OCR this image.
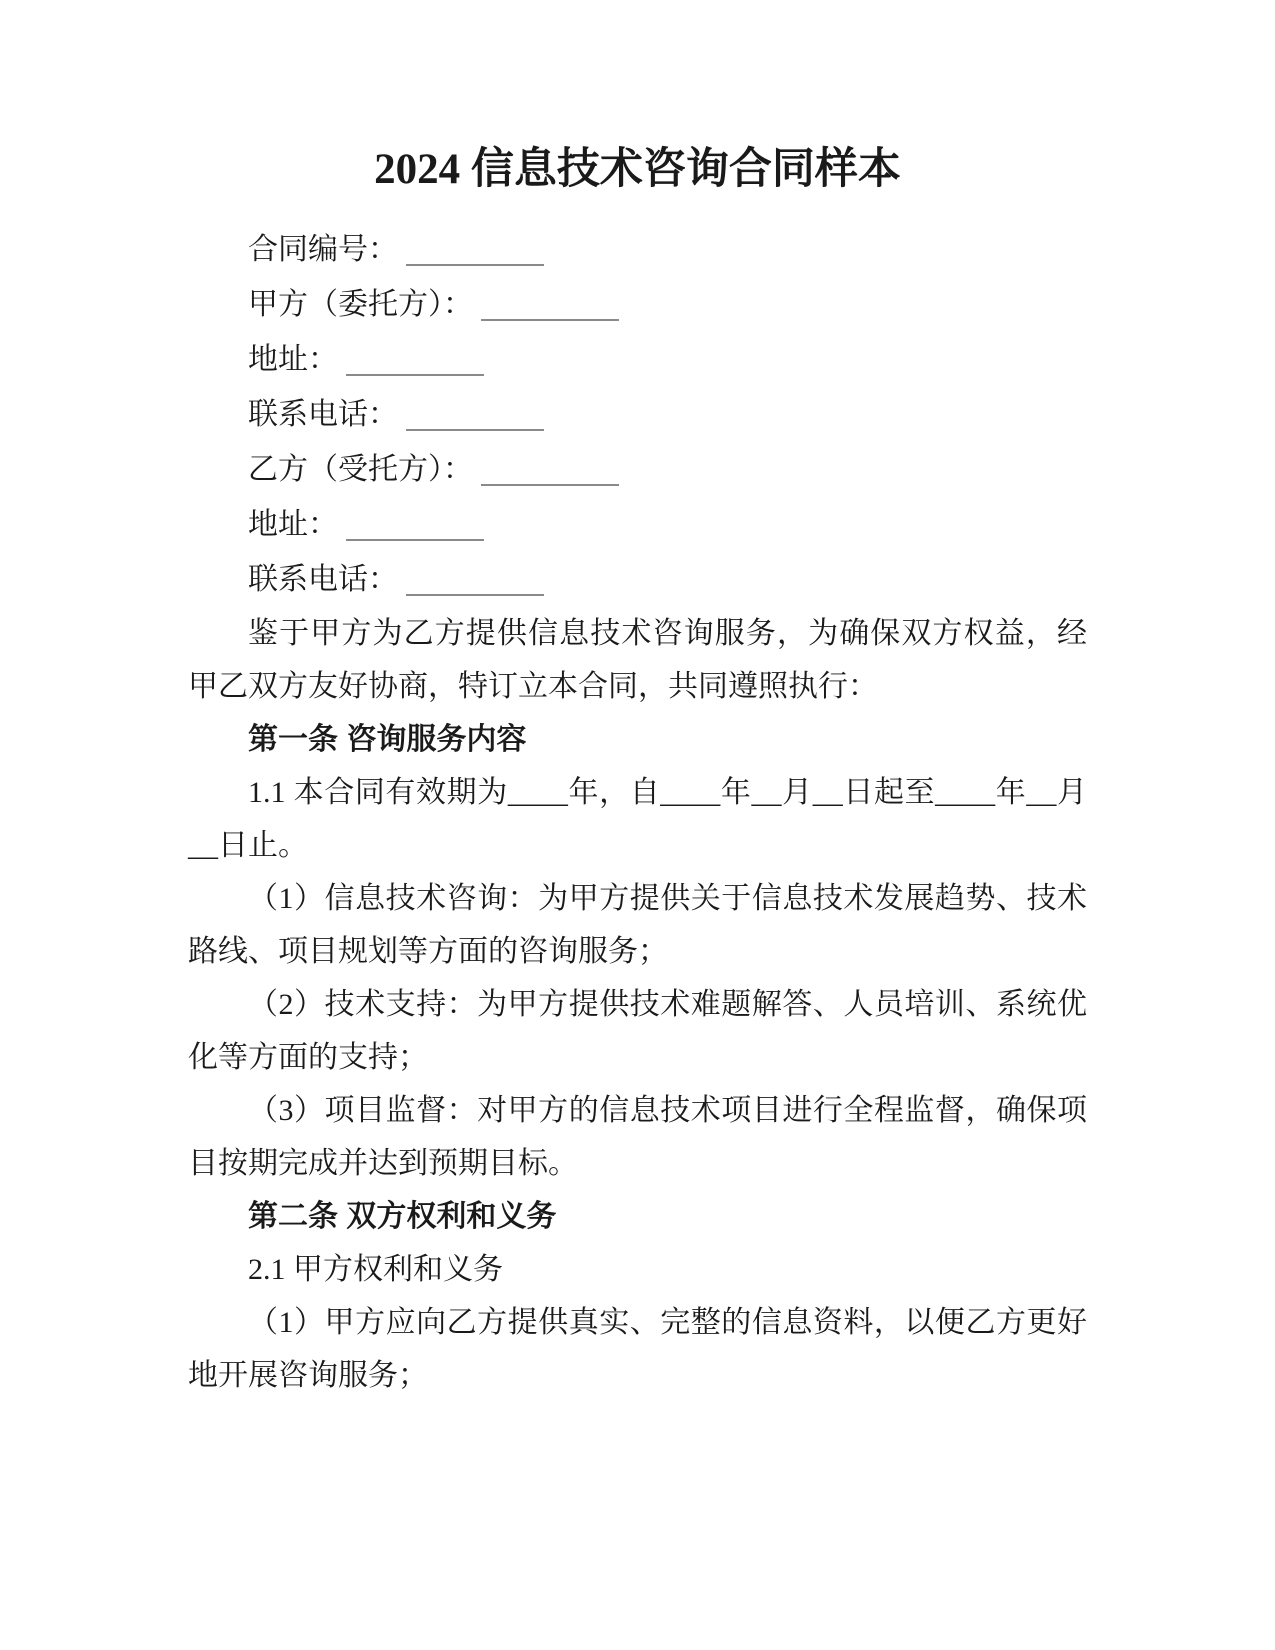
2024 信息技术咨询合同样本

合同编号：

甲方（委托方）：

地址：

联系电话：

乙方（受托方）：

地址：

联系电话：

鉴于甲方为乙方提供信息技术咨询服务，为确保双方权益，经甲乙双方友好协商，特订立本合同，共同遵照执行：

第一条 咨询服务内容

1.1 本合同有效期为____年，自____年__月__日起至____年__月__日止。

（1）信息技术咨询：为甲方提供关于信息技术发展趋势、技术路线、项目规划等方面的咨询服务；

（2）技术支持：为甲方提供技术难题解答、人员培训、系统优化等方面的支持；

（3）项目监督：对甲方的信息技术项目进行全程监督，确保项目按期完成并达到预期目标。

第二条 双方权利和义务

2.1 甲方权利和义务

（1）甲方应向乙方提供真实、完整的信息资料，以便乙方更好地开展咨询服务；
